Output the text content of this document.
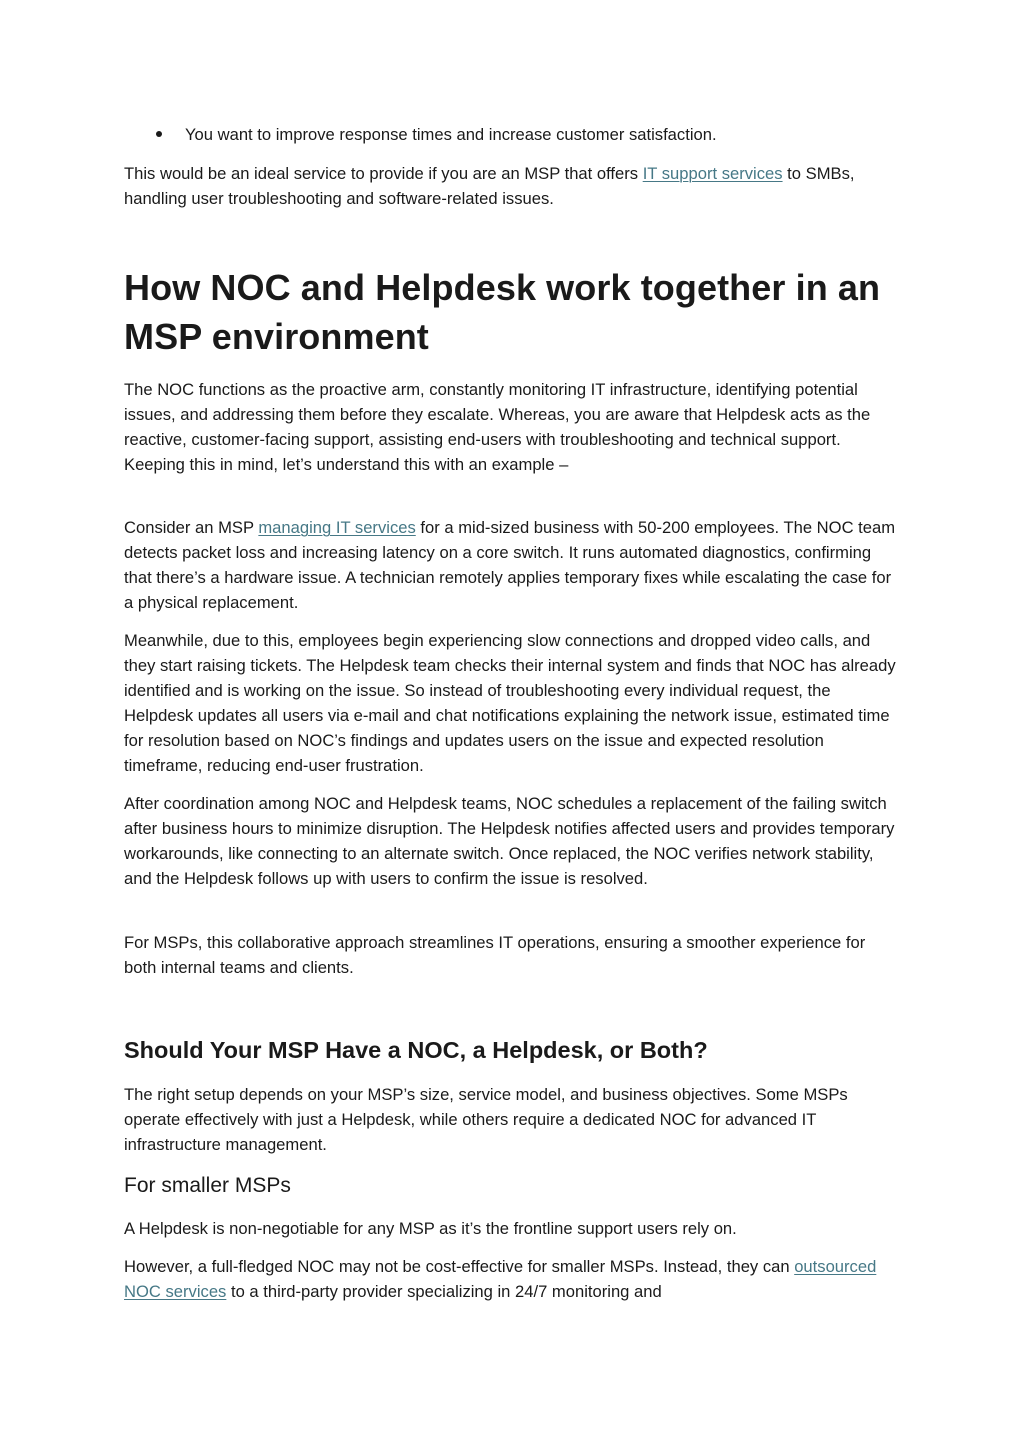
You want to improve response times and increase customer satisfaction.

This would be an ideal service to provide if you are an MSP that offers IT support services to SMBs, handling user troubleshooting and software-related issues.

How NOC and Helpdesk work together in an MSP environment

The NOC functions as the proactive arm, constantly monitoring IT infrastructure, identifying potential issues, and addressing them before they escalate. Whereas, you are aware that Helpdesk acts as the reactive, customer-facing support, assisting end-users with troubleshooting and technical support. Keeping this in mind, let’s understand this with an example –

Consider an MSP managing IT services for a mid-sized business with 50-200 employees. The NOC team detects packet loss and increasing latency on a core switch. It runs automated diagnostics, confirming that there’s a hardware issue. A technician remotely applies temporary fixes while escalating the case for a physical replacement.

Meanwhile, due to this, employees begin experiencing slow connections and dropped video calls, and they start raising tickets. The Helpdesk team checks their internal system and finds that NOC has already identified and is working on the issue. So instead of troubleshooting every individual request, the Helpdesk updates all users via e-mail and chat notifications explaining the network issue, estimated time for resolution based on NOC’s findings and updates users on the issue and expected resolution timeframe, reducing end-user frustration.

After coordination among NOC and Helpdesk teams, NOC schedules a replacement of the failing switch after business hours to minimize disruption. The Helpdesk notifies affected users and provides temporary workarounds, like connecting to an alternate switch. Once replaced, the NOC verifies network stability, and the Helpdesk follows up with users to confirm the issue is resolved.

For MSPs, this collaborative approach streamlines IT operations, ensuring a smoother experience for both internal teams and clients.

Should Your MSP Have a NOC, a Helpdesk, or Both?

The right setup depends on your MSP’s size, service model, and business objectives. Some MSPs operate effectively with just a Helpdesk, while others require a dedicated NOC for advanced IT infrastructure management.

For smaller MSPs

A Helpdesk is non-negotiable for any MSP as it’s the frontline support users rely on.

However, a full-fledged NOC may not be cost-effective for smaller MSPs. Instead, they can outsourced NOC services to a third-party provider specializing in 24/7 monitoring and
